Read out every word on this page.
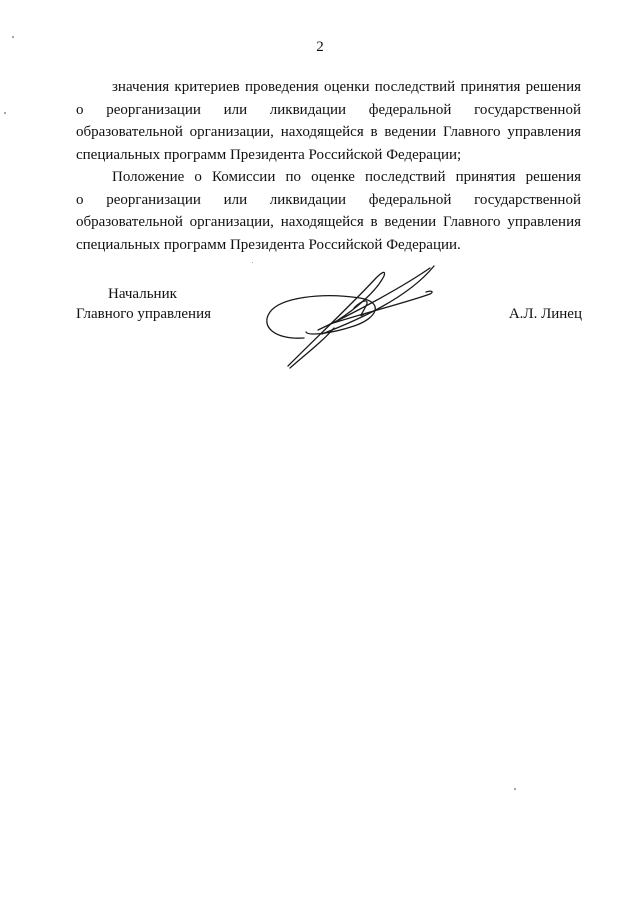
2
значения критериев проведения оценки последствий принятия решения
о реорганизации или ликвидации федеральной государственной
образовательной организации, находящейся в ведении Главного управления
специальных программ Президента Российской Федерации;
Положение о Комиссии по оценке последствий принятия решения
о реорганизации или ликвидации федеральной государственной
образовательной организации, находящейся в ведении Главного управления
специальных программ Президента Российской Федерации.
Начальник
Главного управления	А.Л. Линец
